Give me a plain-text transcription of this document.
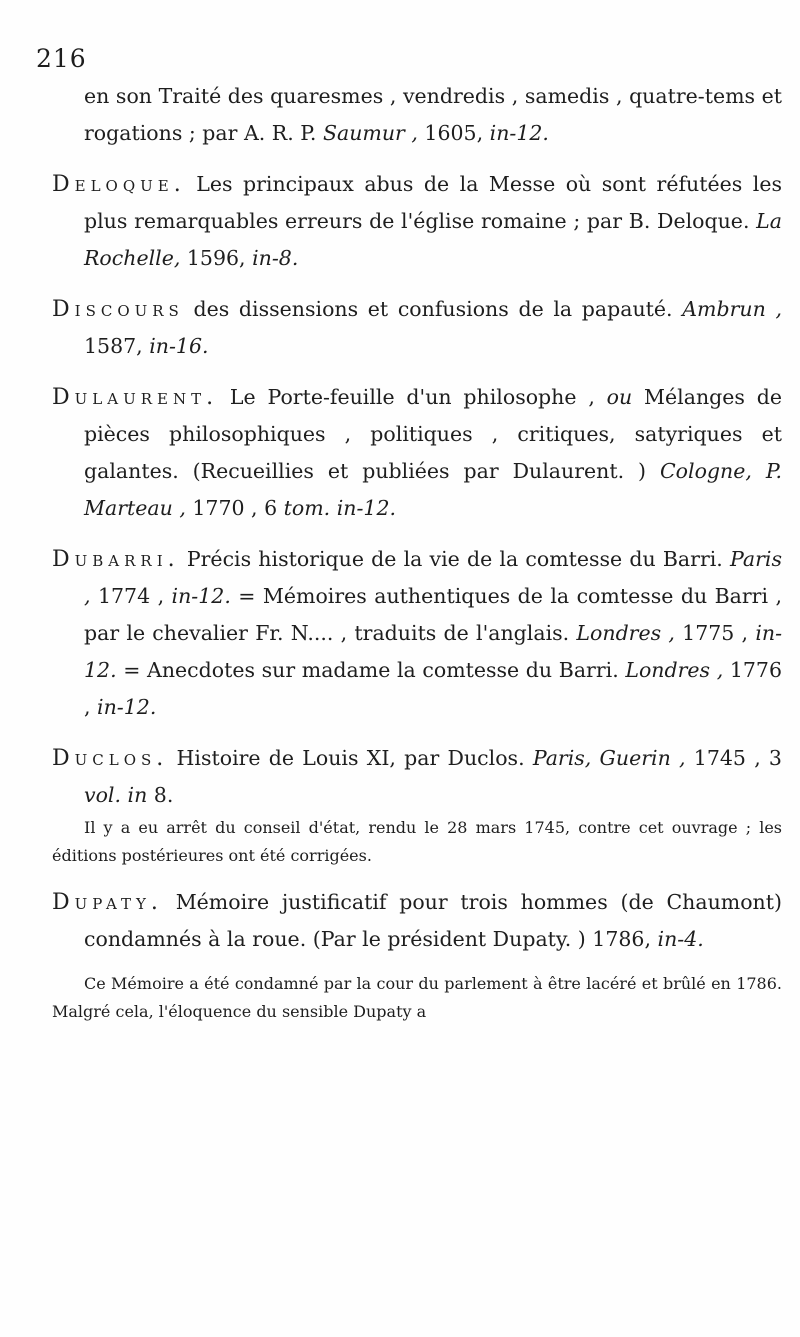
216

en son Traité des quaresmes , vendredis , samedis , quatre-tems et rogations ; par A. R. P. Saumur , 1605, in-12.

Deloque. Les principaux abus de la Messe où sont réfutées les plus remarquables erreurs de l'église romaine ; par B. Deloque. La Rochelle, 1596, in-8.

Discours des dissensions et confusions de la papauté. Ambrun , 1587, in-16.

Dulaurent. Le Porte-feuille d'un philosophe , ou Mélanges de pièces philosophiques , politiques , critiques, satyriques et galantes. (Recueillies et publiées par Dulaurent. ) Cologne, P. Marteau , 1770 , 6 tom. in-12.

Dubarri. Précis historique de la vie de la comtesse du Barri. Paris , 1774 , in-12. = Mémoires authentiques de la comtesse du Barri , par le chevalier Fr. N.... , traduits de l'anglais. Londres , 1775 , in-12. = Anecdotes sur madame la comtesse du Barri. Londres , 1776 , in-12.

Duclos. Histoire de Louis XI, par Duclos. Paris, Guerin , 1745 , 3 vol. in 8.

Il y a eu arrêt du conseil d'état, rendu le 28 mars 1745, contre cet ouvrage ; les éditions postérieures ont été corrigées.

Dupaty. Mémoire justificatif pour trois hommes (de Chaumont) condamnés à la roue. (Par le président Dupaty. ) 1786, in-4.

Ce Mémoire a été condamné par la cour du parlement à être lacéré et brûlé en 1786. Malgré cela, l'éloquence du sensible Dupaty a
